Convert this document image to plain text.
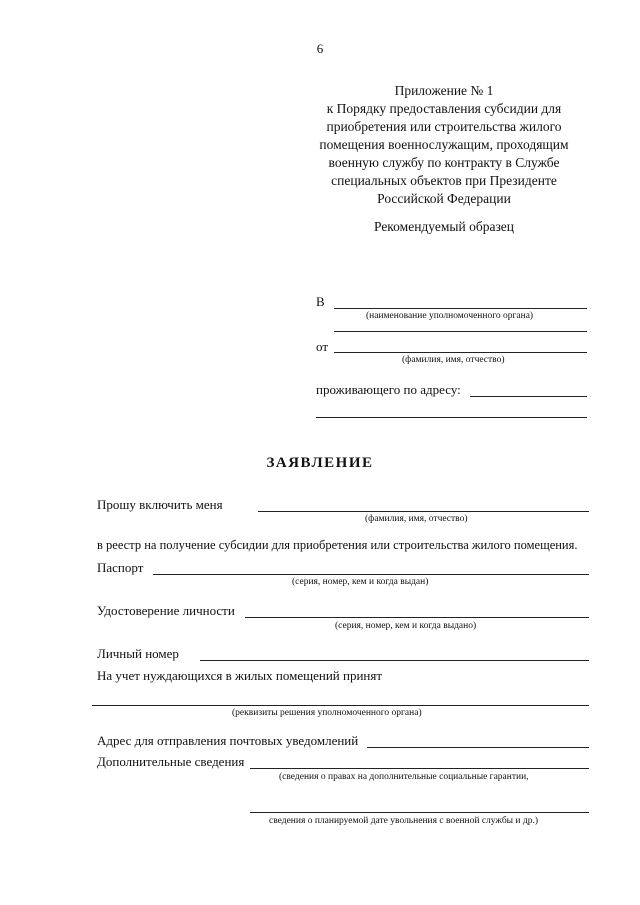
6
Приложение № 1
к Порядку предоставления субсидии для
приобретения или строительства жилого
помещения военнослужащим, проходящим
военную службу по контракту в Службе
специальных объектов при Президенте
Российской Федерации
Рекомендуемый образец
В
(наименование уполномоченного органа)
от
(фамилия, имя, отчество)
проживающего по адресу:
ЗАЯВЛЕНИЕ
Прошу включить меня
(фамилия, имя, отчество)
в реестр на получение субсидии для приобретения или строительства жилого помещения.
Паспорт
(серия, номер, кем и когда выдан)
Удостоверение личности
(серия, номер, кем и когда выдано)
Личный номер
На учет нуждающихся в жилых помещений принят
(реквизиты решения уполномоченного органа)
Адрес для отправления почтовых уведомлений
Дополнительные сведения
(сведения о правах на дополнительные социальные гарантии,
сведения о планируемой дате увольнения с военной службы и др.)
